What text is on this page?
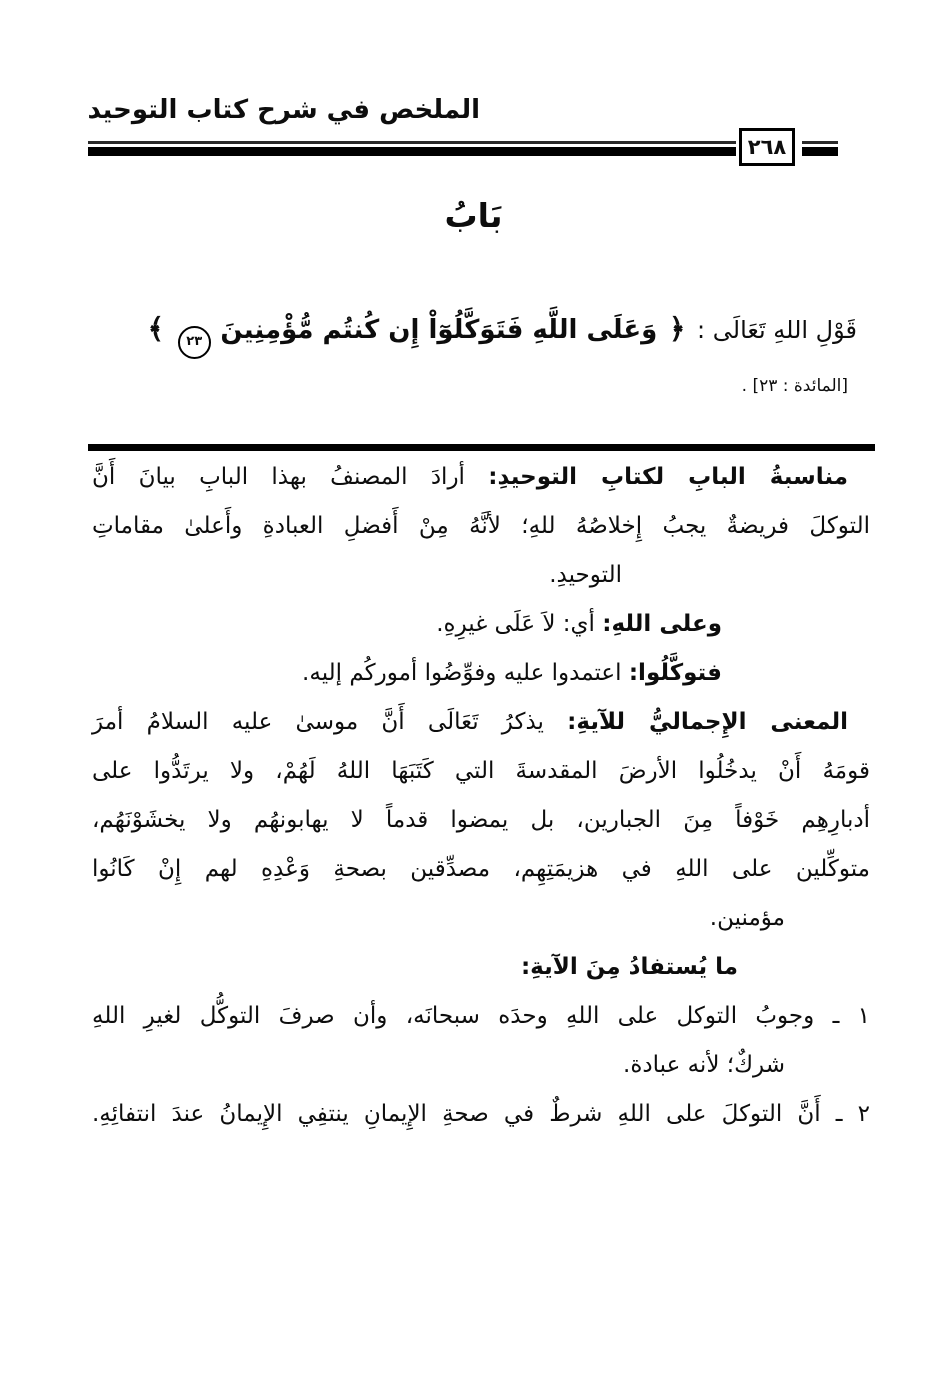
الملخص في شرح كتاب التوحيد
٢٦٨
بَابُ
قَوْلِ اللهِ تَعَالَى : ﴿ وَعَلَى اللَّهِ فَتَوَكَّلُوٓاْ إِن كُنتُم مُّؤْمِنِينَ ٢٣ ﴾
[المائدة : ٢٣] .
مناسبةُ البابِ لكتابِ التوحيدِ: أرادَ المصنفُ بهذا البابِ بيانَ أَنَّ
التوكلَ فريضةٌ يجبُ إِخلاصُهُ للهِ؛ لأنَّهُ مِنْ أَفضلِ العبادةِ وأَعلىٰ مقاماتِ
التوحيدِ.
وعلى اللهِ: أي: لاَ عَلَى غيرِهِ.
فتوكَّلُوا: اعتمدوا عليه وفوِّضُوا أموركُم إليه.
المعنى الإِجماليُّ للآيةِ: يذكرُ تَعَالَى أَنَّ موسىٰ عليه السلامُ أمرَ
قومَهُ أَنْ يدخُلُوا الأرضَ المقدسةَ التي كَتَبَهَا اللهُ لَهُمْ، ولا يرتَدُّوا على
أدبارِهِم خَوْفاً مِنَ الجبارين، بل يمضوا قدماً لا يهابونهُم ولا يخشَوْنَهُم،
متوكِّلين على اللهِ في هزيمَتِهِم، مصدِّقين بصحةِ وَعْدِهِ لهم إِنْ كَانُوا
مؤمنين.
ما يُستفادُ مِنَ الآيةِ:
١ ـ وجوبُ التوكل على اللهِ وحدَه سبحانَه، وأن صرفَ التوكُّل لغيرِ اللهِ
شركٌ؛ لأنه عبادة.
٢ ـ أَنَّ التوكلَ على اللهِ شرطٌ في صحةِ الإِيمانِ ينتفِي الإِيمانُ عندَ انتفائِهِ.
